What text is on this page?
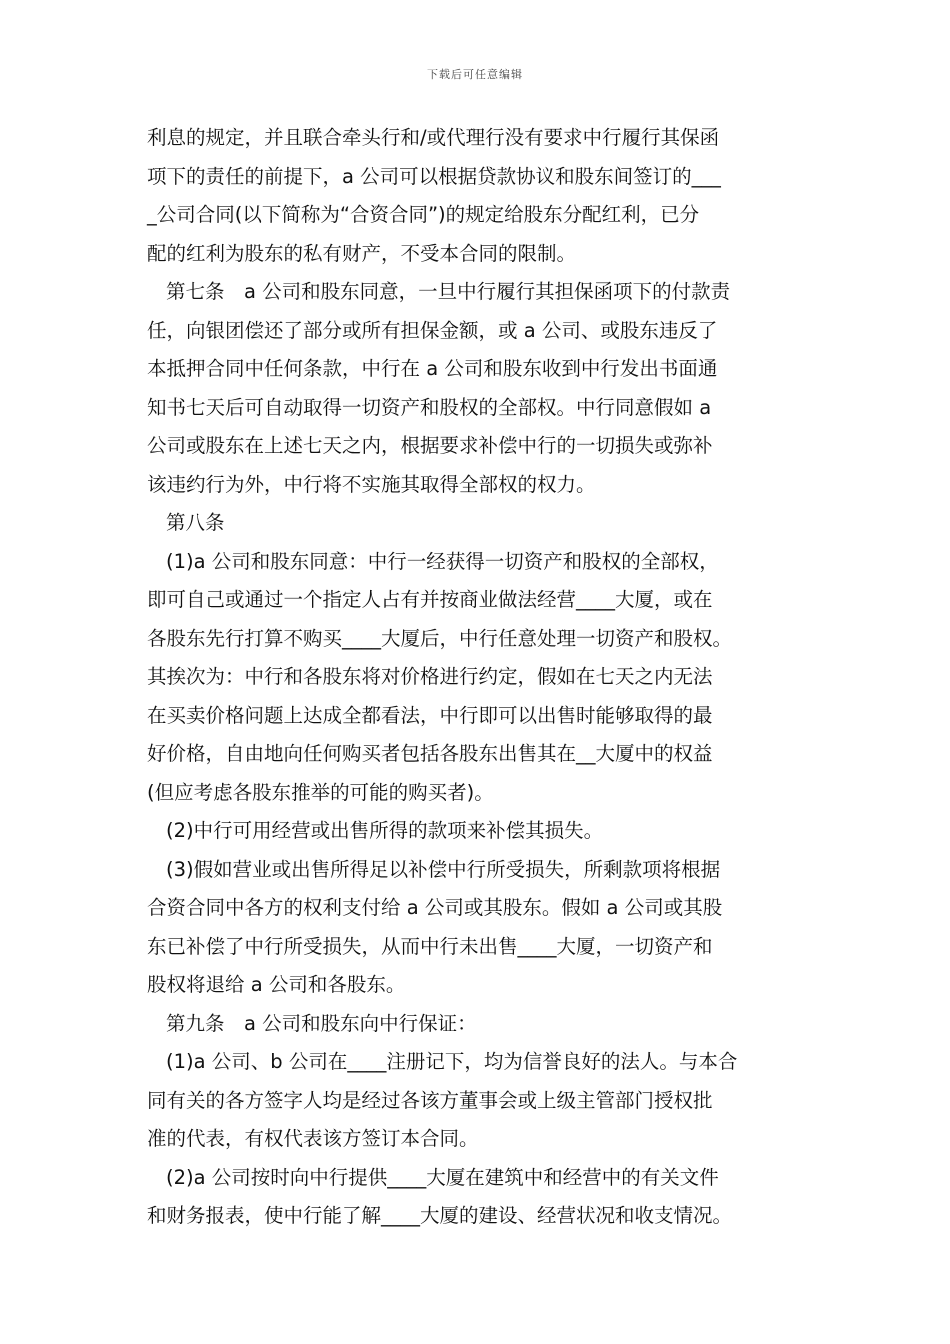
下载后可任意编辑
利息的规定，并且联合牵头行和/或代理行没有要求中行履行其保函
项下的责任的前提下，a 公司可以根据贷款协议和股东间签订的___
_公司合同(以下简称为“合资合同”)的规定给股东分配红利，已分
配的红利为股东的私有财产，不受本合同的限制。
第七条　a 公司和股东同意，一旦中行履行其担保函项下的付款责
任，向银团偿还了部分或所有担保金额，或 a 公司、或股东违反了
本抵押合同中任何条款，中行在 a 公司和股东收到中行发出书面通
知书七天后可自动取得一切资产和股权的全部权。中行同意假如 a
公司或股东在上述七天之内，根据要求补偿中行的一切损失或弥补
该违约行为外，中行将不实施其取得全部权的权力。
第八条
(1)a 公司和股东同意：中行一经获得一切资产和股权的全部权，
即可自己或通过一个指定人占有并按商业做法经营____大厦，或在
各股东先行打算不购买____大厦后，中行任意处理一切资产和股权。
其挨次为：中行和各股东将对价格进行约定，假如在七天之内无法
在买卖价格问题上达成全都看法，中行即可以出售时能够取得的最
好价格，自由地向任何购买者包括各股东出售其在__大厦中的权益
(但应考虑各股东推举的可能的购买者)。
(2)中行可用经营或出售所得的款项来补偿其损失。
(3)假如营业或出售所得足以补偿中行所受损失，所剩款项将根据
合资合同中各方的权利支付给 a 公司或其股东。假如 a 公司或其股
东已补偿了中行所受损失，从而中行未出售____大厦，一切资产和
股权将退给 a 公司和各股东。
第九条　a 公司和股东向中行保证：
(1)a 公司、b 公司在____注册记下，均为信誉良好的法人。与本合
同有关的各方签字人均是经过各该方董事会或上级主管部门授权批
准的代表，有权代表该方签订本合同。
(2)a 公司按时向中行提供____大厦在建筑中和经营中的有关文件
和财务报表，使中行能了解____大厦的建设、经营状况和收支情况。
